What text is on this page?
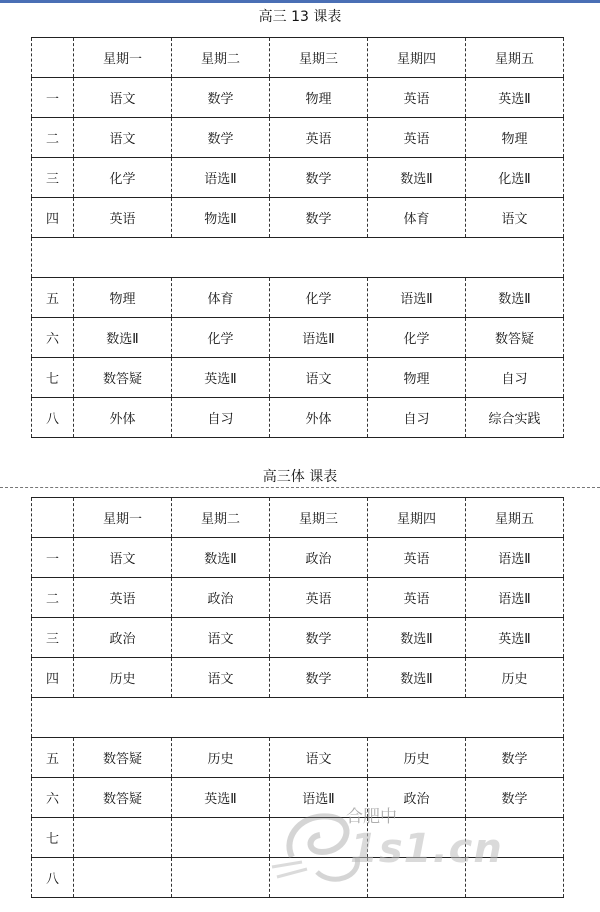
高三 13 课表
	星期一	星期二	星期三	星期四	星期五
一	语文	数学	物理	英语	英选Ⅱ
二	语文	数学	英语	英语	物理
三	化学	语选Ⅱ	数学	数选Ⅱ	化选Ⅱ
四	英语	物选Ⅱ	数学	体育	语文

五	物理	体育	化学	语选Ⅱ	数选Ⅱ
六	数选Ⅱ	化学	语选Ⅱ	化学	数答疑
七	数答疑	英选Ⅱ	语文	物理	自习
八	外体	自习	外体	自习	综合实践
高三体 课表
	星期一	星期二	星期三	星期四	星期五
一	语文	数选Ⅱ	政治	英语	语选Ⅱ
二	英语	政治	英语	英语	语选Ⅱ
三	政治	语文	数学	数选Ⅱ	英选Ⅱ
四	历史	语文	数学	数选Ⅱ	历史

五	数答疑	历史	语文	历史	数学
六	数答疑	英选Ⅱ	语选Ⅱ	政治	数学
七					
八					
合肥中
1s1.cn
